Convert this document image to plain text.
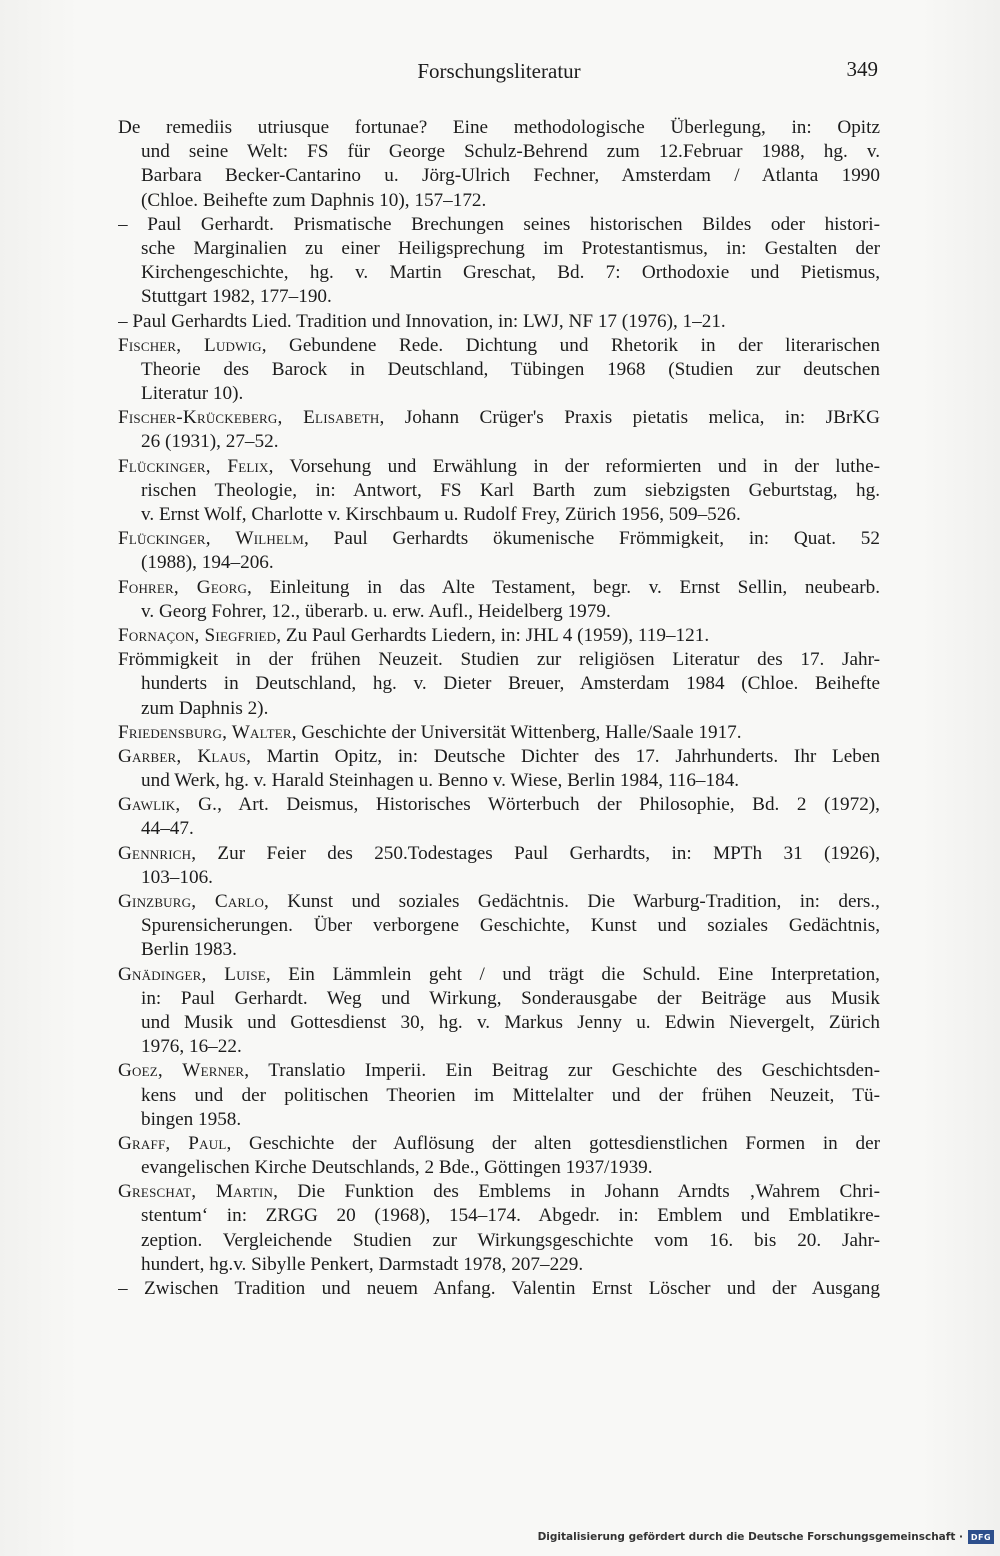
Forschungsliteratur	349
De remediis utriusque fortunae? Eine methodologische Überlegung, in: Opitz
und seine Welt: FS für George Schulz-Behrend zum 12.Februar 1988, hg. v.
Barbara Becker-Cantarino u. Jörg-Ulrich Fechner, Amsterdam / Atlanta 1990
(Chloe. Beihefte zum Daphnis 10), 157–172.
– Paul Gerhardt. Prismatische Brechungen seines historischen Bildes oder histori-
sche Marginalien zu einer Heiligsprechung im Protestantismus, in: Gestalten der
Kirchengeschichte, hg. v. Martin Greschat, Bd. 7: Orthodoxie und Pietismus,
Stuttgart 1982, 177–190.
– Paul Gerhardts Lied. Tradition und Innovation, in: LWJ, NF 17 (1976), 1–21.
Fischer, Ludwig, Gebundene Rede. Dichtung und Rhetorik in der literarischen
Theorie des Barock in Deutschland, Tübingen 1968 (Studien zur deutschen
Literatur 10).
Fischer-Krückeberg, Elisabeth, Johann Crüger's Praxis pietatis melica, in: JBrKG
26 (1931), 27–52.
Flückinger, Felix, Vorsehung und Erwählung in der reformierten und in der luthe-
rischen Theologie, in: Antwort, FS Karl Barth zum siebzigsten Geburtstag, hg.
v. Ernst Wolf, Charlotte v. Kirschbaum u. Rudolf Frey, Zürich 1956, 509–526.
Flückinger, Wilhelm, Paul Gerhardts ökumenische Frömmigkeit, in: Quat. 52
(1988), 194–206.
Fohrer, Georg, Einleitung in das Alte Testament, begr. v. Ernst Sellin, neubearb.
v. Georg Fohrer, 12., überarb. u. erw. Aufl., Heidelberg 1979.
Fornaçon, Siegfried, Zu Paul Gerhardts Liedern, in: JHL 4 (1959), 119–121.
Frömmigkeit in der frühen Neuzeit. Studien zur religiösen Literatur des 17. Jahr-
hunderts in Deutschland, hg. v. Dieter Breuer, Amsterdam 1984 (Chloe. Beihefte
zum Daphnis 2).
Friedensburg, Walter, Geschichte der Universität Wittenberg, Halle/Saale 1917.
Garber, Klaus, Martin Opitz, in: Deutsche Dichter des 17. Jahrhunderts. Ihr Leben
und Werk, hg. v. Harald Steinhagen u. Benno v. Wiese, Berlin 1984, 116–184.
Gawlik, G., Art. Deismus, Historisches Wörterbuch der Philosophie, Bd. 2 (1972),
44–47.
Gennrich, Zur Feier des 250.Todestages Paul Gerhardts, in: MPTh 31 (1926),
103–106.
Ginzburg, Carlo, Kunst und soziales Gedächtnis. Die Warburg-Tradition, in: ders.,
Spurensicherungen. Über verborgene Geschichte, Kunst und soziales Gedächtnis,
Berlin 1983.
Gnädinger, Luise, Ein Lämmlein geht / und trägt die Schuld. Eine Interpretation,
in: Paul Gerhardt. Weg und Wirkung, Sonderausgabe der Beiträge aus Musik
und Musik und Gottesdienst 30, hg. v. Markus Jenny u. Edwin Nievergelt, Zürich
1976, 16–22.
Goez, Werner, Translatio Imperii. Ein Beitrag zur Geschichte des Geschichtsden-
kens und der politischen Theorien im Mittelalter und der frühen Neuzeit, Tü-
bingen 1958.
Graff, Paul, Geschichte der Auflösung der alten gottesdienstlichen Formen in der
evangelischen Kirche Deutschlands, 2 Bde., Göttingen 1937/1939.
Greschat, Martin, Die Funktion des Emblems in Johann Arndts ‚Wahrem Chri-
stentum‘ in: ZRGG 20 (1968), 154–174. Abgedr. in: Emblem und Emblatikre-
zeption. Vergleichende Studien zur Wirkungsgeschichte vom 16. bis 20. Jahr-
hundert, hg.v. Sibylle Penkert, Darmstadt 1978, 207–229.
– Zwischen Tradition und neuem Anfang. Valentin Ernst Löscher und der Ausgang
Digitalisierung gefördert durch die Deutsche Forschungsgemeinschaft · DFG
